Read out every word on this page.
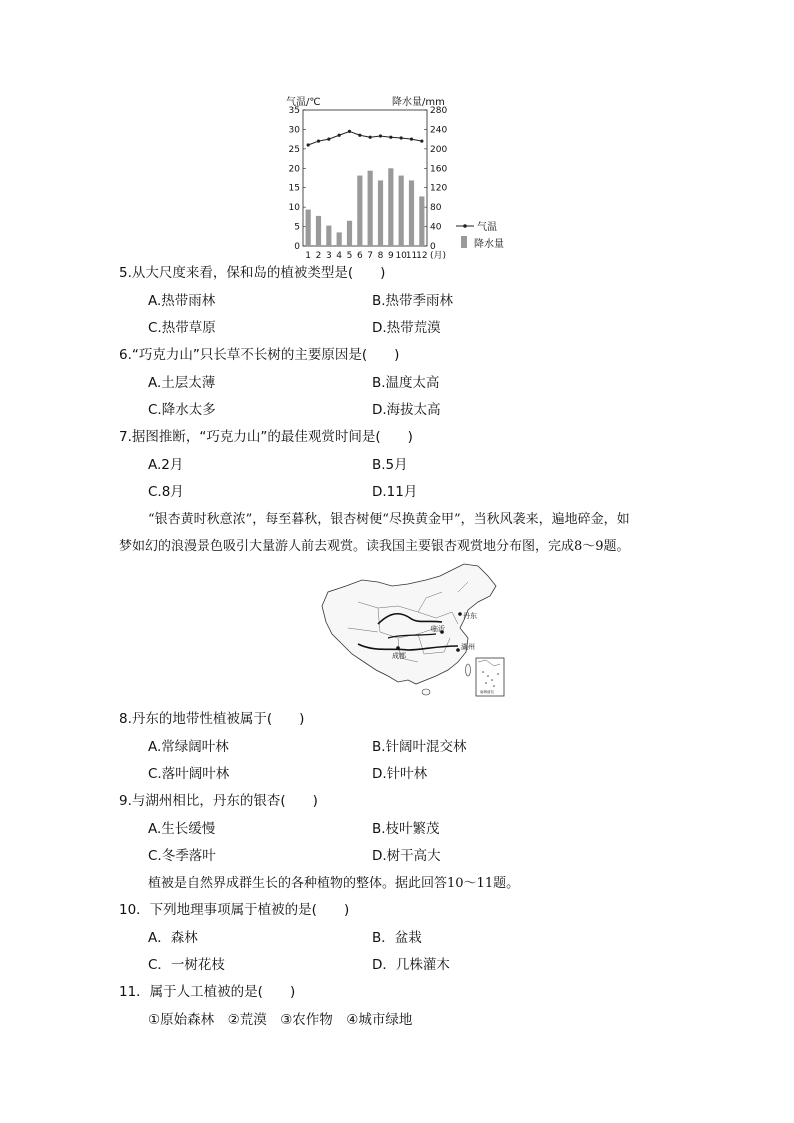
气温/℃	降水量/mm
0
5
10
15
20
25
30
35
0
40
80
120
160
200
240
280
1 2 3 4 5 6 7 8 9 10
11
12 (月)
气温
降水量
5.从大尺度来看，保和岛的植被类型是(　　)
A.热带雨林	B.热带季雨林
C.热带草原	D.热带荒漠
6.“巧克力山”只长草不长树的主要原因是(　　)
A.土层太薄	B.温度太高
C.降水太多	D.海拔太高
7.据图推断，“巧克力山”的最佳观赏时间是(　　)
A.2月	B.5月
C.8月	D.11月
“银杏黄时秋意浓”，每至暮秋，银杏树便“尽换黄金甲”，当秋风袭来，遍地碎金，如
梦如幻的浪漫景色吸引大量游人前去观赏。读我国主要银杏观赏地分布图，完成8～9题。
丹东
临沂
成都
湖州
南海诸岛
8.丹东的地带性植被属于(　　)
A.常绿阔叶林	B.针阔叶混交林
C.落叶阔叶林	D.针叶林
9.与湖州相比，丹东的银杏(　　)
A.生长缓慢	B.枝叶繁茂
C.冬季落叶	D.树干高大
植被是自然界成群生长的各种植物的整体。据此回答10～11题。
10．下列地理事项属于植被的是(　　)
A．森林	B．盆栽
C．一树花枝	D．几株灌木
11．属于人工植被的是(　　)
①原始森林　②荒漠　③农作物　④城市绿地
